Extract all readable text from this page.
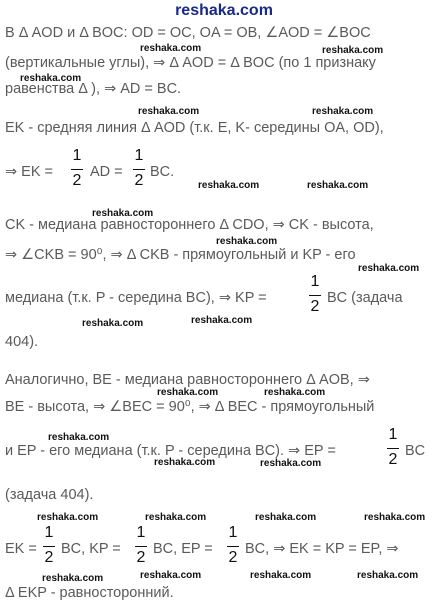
reshaka.com
В Δ AOD и Δ BOC: OD = OC, OA = OB, ∠AOD = ∠BOC
(вертикальные углы), ⇒ Δ AOD = Δ BOC (по 1 признаку
равенства Δ ), ⇒ AD = BC.
EK - средняя линия Δ AOD (т.к. E, K- середины OA, OD),
⇒ EK =
1
2 AD =
1
2 BC.
CK - медиана равностороннего Δ CDO, ⇒ CK - высота,
⇒ ∠CKB = 90⁰, ⇒ Δ CKB - прямоугольный и KP - его
медиана (т.к. P - середина BC), ⇒ KP =
1
2 BC (задача
404).
Аналогично, BE - медиана равностороннего Δ AOB, ⇒
BE - высота, ⇒ ∠BEC = 90⁰, ⇒ Δ BEC - прямоугольный
и EP - его медиана (т.к. P - середина BC). ⇒ EP =
1
2 BC
(задача 404).
EK =
1
2 BC, KP =
1
2 BC, EP =
1
2 BC, ⇒ EK = KP = EP, ⇒
Δ EKP - равносторонний.
reshaka.com	reshaka.com
reshaka.com
reshaka.com	reshaka.com
reshaka.com	reshaka.com
reshaka.com
reshaka.com
reshaka.com
reshaka.com	reshaka.com
reshaka.com	reshaka.com
reshaka.com
reshaka.com	reshaka.com
reshaka.com	reshaka.com	reshaka.com	reshaka.com
reshaka.com	reshaka.com	reshaka.com	reshaka.com
